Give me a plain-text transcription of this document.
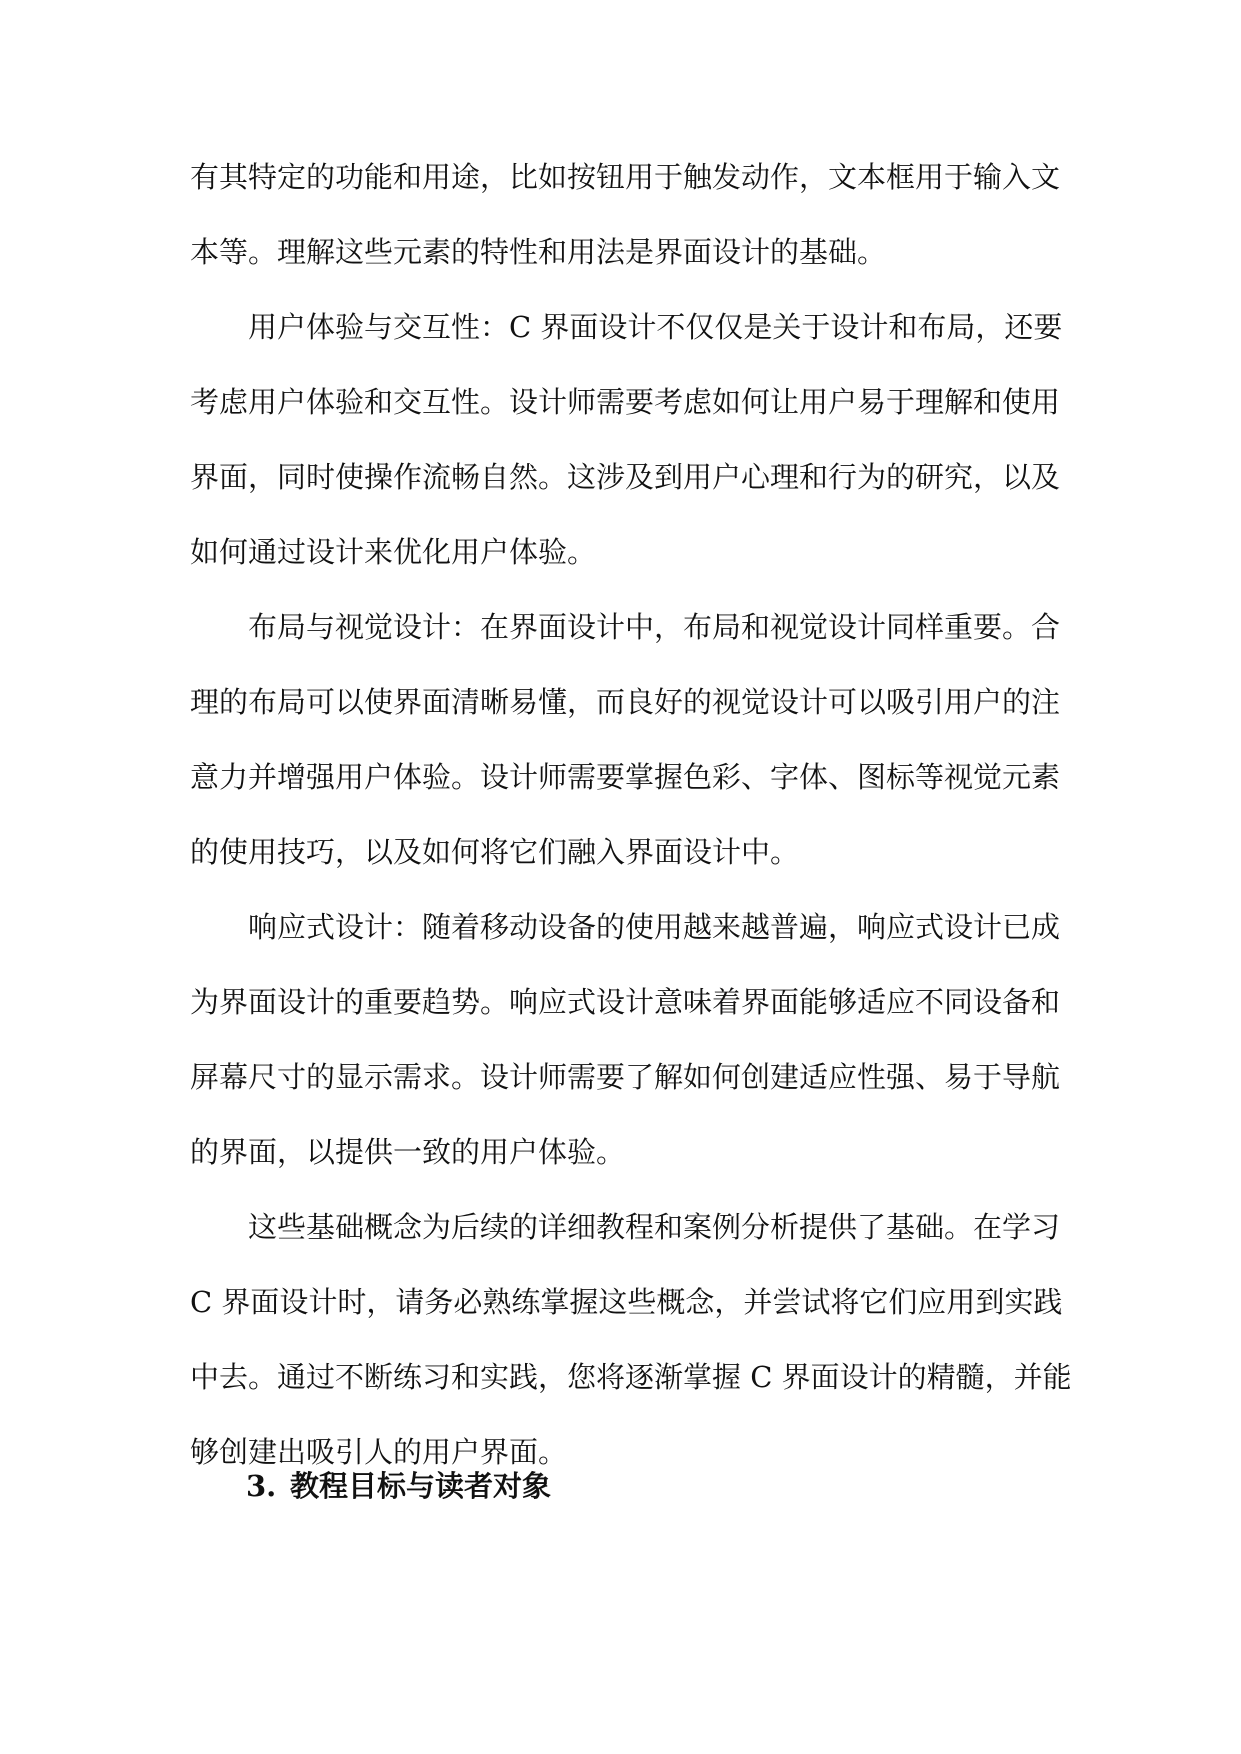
有其特定的功能和用途，比如按钮用于触发动作，文本框用于输入文
本等。理解这些元素的特性和用法是界面设计的基础。
用户体验与交互性：C 界面设计不仅仅是关于设计和布局，还要
考虑用户体验和交互性。设计师需要考虑如何让用户易于理解和使用
界面，同时使操作流畅自然。这涉及到用户心理和行为的研究，以及
如何通过设计来优化用户体验。
布局与视觉设计：在界面设计中，布局和视觉设计同样重要。合
理的布局可以使界面清晰易懂，而良好的视觉设计可以吸引用户的注
意力并增强用户体验。设计师需要掌握色彩、字体、图标等视觉元素
的使用技巧，以及如何将它们融入界面设计中。
响应式设计：随着移动设备的使用越来越普遍，响应式设计已成
为界面设计的重要趋势。响应式设计意味着界面能够适应不同设备和
屏幕尺寸的显示需求。设计师需要了解如何创建适应性强、易于导航
的界面，以提供一致的用户体验。
这些基础概念为后续的详细教程和案例分析提供了基础。在学习
C 界面设计时，请务必熟练掌握这些概念，并尝试将它们应用到实践
中去。通过不断练习和实践，您将逐渐掌握 C 界面设计的精髓，并能
够创建出吸引人的用户界面。
3. 教程目标与读者对象
